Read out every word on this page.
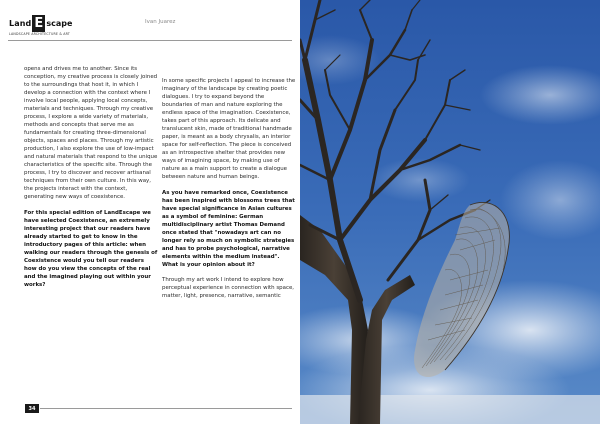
Land E scape
LANDSCAPE ARCHITECTURE & ART
Ivan Juarez

opens and drives me to another. Since its conception, my creative process is closely joined to the surroundings that host it, in which I develop a connection with the context where I involve local people, applying local concepts, materials and techniques. Through my creative process, I explore a wide variety of materials, methods and concepts that serve me as fundamentals for creating three-dimensional objects, spaces and places. Through my artistic production, I also explore the use of low-impact and natural materials that respond to the unique characteristics of the specific site. Through the process, I try to discover and recover artisanal techniques from their own culture. In this way, the projects interact with the context, generating new ways of coexistence.

For this special edition of LandEscape we have selected Coexistence, an extremely interesting project that our readers have already started to get to know in the introductory pages of this article: when walking our readers through the genesis of Coexistence would you tell our readers how do you view the concepts of the real and the imagined playing out within your works?

In some specific projects I appeal to increase the imaginary of the landscape by creating poetic dialogues. I try to expand beyond the boundaries of man and nature exploring the endless space of the imagination. Coexistence, takes part of this approach. Its delicate and translucent skin, made of traditional handmade paper, is meant as a body chrysalis, an interior space for self-reflection. The piece is conceived as an introspective shelter that provides new ways of imagining space, by making use of nature as a main support to create a dialogue between nature and human beings.

As you have remarked once, Coexistence has been inspired with blossoms trees that have special significance in Asian cultures as a symbol of feminine: German multidisciplinary artist Thomas Demand once stated that "nowadays art can no longer rely so much on symbolic strategies and has to probe psychological, narrative elements within the medium instead". What is your opinion about it?

Through my art work I intend to explore how perceptual experience in connection with space, matter, light, presence, narrative, semantic

34
